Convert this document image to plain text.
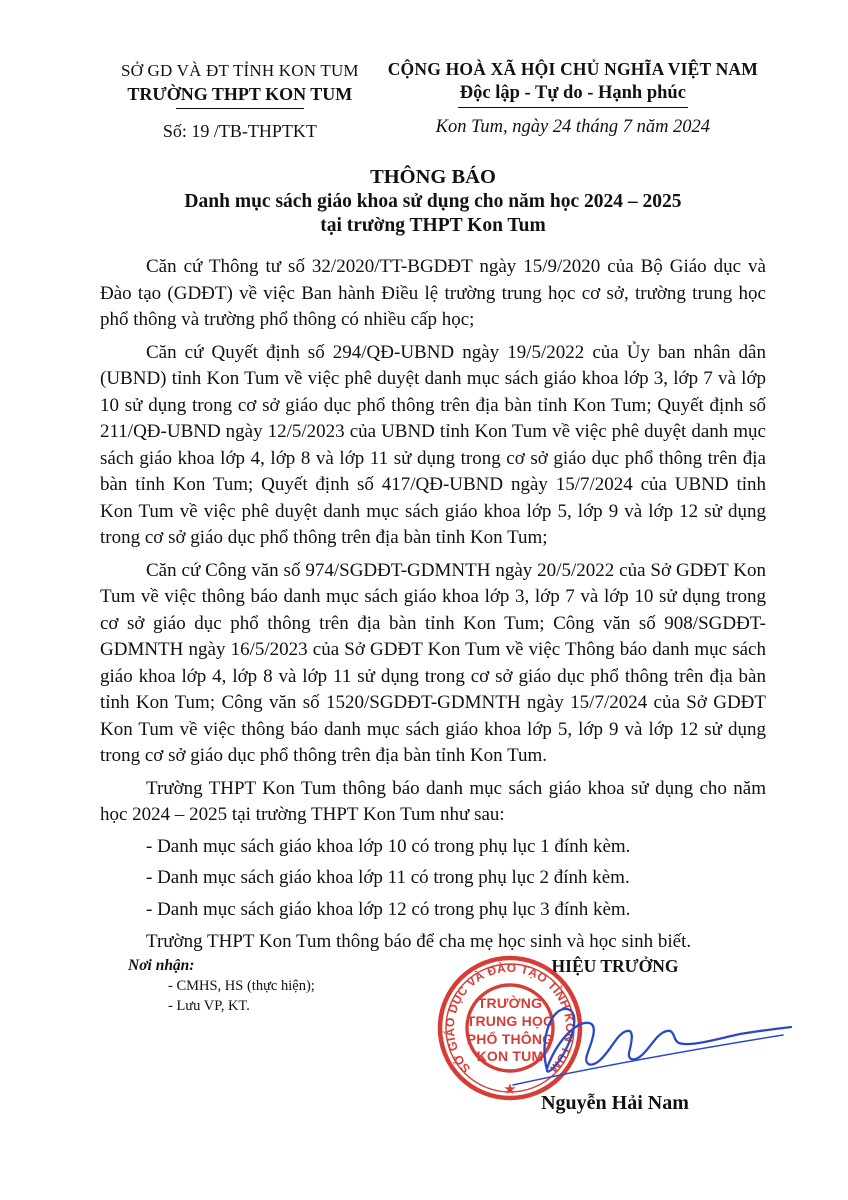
SỞ GD VÀ ĐT TỈNH KON TUM
TRƯỜNG THPT KON TUM
Số: 19 /TB-THPTKT
CỘNG HOÀ XÃ HỘI CHỦ NGHĨA VIỆT NAM
Độc lập - Tự do - Hạnh phúc
Kon Tum, ngày 24 tháng 7 năm 2024
THÔNG BÁO
Danh mục sách giáo khoa sử dụng cho năm học 2024 – 2025
tại trường THPT Kon Tum

Căn cứ Thông tư số 32/2020/TT-BGDĐT ngày 15/9/2020 của Bộ Giáo dục và Đào tạo (GDĐT) về việc Ban hành Điều lệ trường trung học cơ sở, trường trung học phổ thông và trường phổ thông có nhiều cấp học;

Căn cứ Quyết định số 294/QĐ-UBND ngày 19/5/2022 của Ủy ban nhân dân (UBND) tỉnh Kon Tum về việc phê duyệt danh mục sách giáo khoa lớp 3, lớp 7 và lớp 10 sử dụng trong cơ sở giáo dục phổ thông trên địa bàn tỉnh Kon Tum; Quyết định số 211/QĐ-UBND ngày 12/5/2023 của UBND tỉnh Kon Tum về việc phê duyệt danh mục sách giáo khoa lớp 4, lớp 8 và lớp 11 sử dụng trong cơ sở giáo dục phổ thông trên địa bàn tỉnh Kon Tum; Quyết định số 417/QĐ-UBND ngày 15/7/2024 của UBND tỉnh Kon Tum về việc phê duyệt danh mục sách giáo khoa lớp 5, lớp 9 và lớp 12 sử dụng trong cơ sở giáo dục phổ thông trên địa bàn tỉnh Kon Tum;

Căn cứ Công văn số 974/SGDĐT-GDMNTH ngày 20/5/2022 của Sở GDĐT Kon Tum về việc thông báo danh mục sách giáo khoa lớp 3, lớp 7 và lớp 10 sử dụng trong cơ sở giáo dục phổ thông trên địa bàn tỉnh Kon Tum; Công văn số 908/SGDĐT-GDMNTH ngày 16/5/2023 của Sở GDĐT Kon Tum về việc Thông báo danh mục sách giáo khoa lớp 4, lớp 8 và lớp 11 sử dụng trong cơ sở giáo dục phổ thông trên địa bàn tỉnh Kon Tum; Công văn số 1520/SGDĐT-GDMNTH ngày 15/7/2024 của Sở GDĐT Kon Tum về việc thông báo danh mục sách giáo khoa lớp 5, lớp 9 và lớp 12 sử dụng trong cơ sở giáo dục phổ thông trên địa bàn tỉnh Kon Tum.

Trường THPT Kon Tum thông báo danh mục sách giáo khoa sử dụng cho năm học 2024 – 2025 tại trường THPT Kon Tum như sau:

- Danh mục sách giáo khoa lớp 10 có trong phụ lục 1 đính kèm.

- Danh mục sách giáo khoa lớp 11 có trong phụ lục 2 đính kèm.

- Danh mục sách giáo khoa lớp 12 có trong phụ lục 3 đính kèm.

Trường THPT Kon Tum thông báo để cha mẹ học sinh và học sinh biết.

Nơi nhận:
- CMHS, HS (thực hiện);
- Lưu VP, KT.
HIỆU TRƯỞNG
SỞ GIÁO DỤC VÀ ĐÀO TẠO TỈNH KON TUM
TRƯỜNG
TRUNG HỌC
PHỔ THÔNG
KON TUM
★
Nguyễn Hải Nam
